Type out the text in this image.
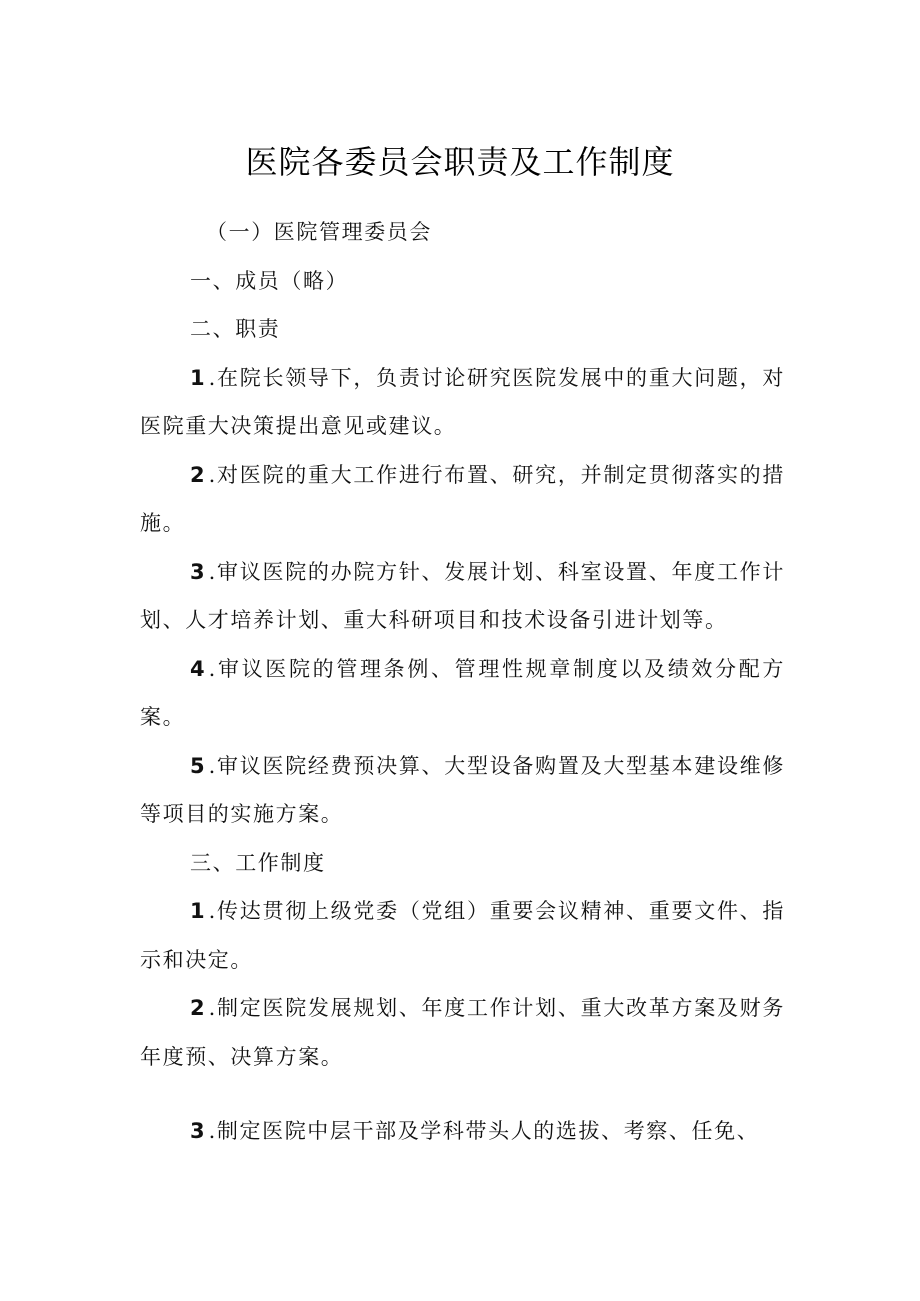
医院各委员会职责及工作制度

（一）医院管理委员会

一、成员（略）

二、职责

1.在院长领导下，负责讨论研究医院发展中的重大问题，对医院重大决策提出意见或建议。

2.对医院的重大工作进行布置、研究，并制定贯彻落实的措施。

3.审议医院的办院方针、发展计划、科室设置、年度工作计划、人才培养计划、重大科研项目和技术设备引进计划等。

4.审议医院的管理条例、管理性规章制度以及绩效分配方案。

5.审议医院经费预决算、大型设备购置及大型基本建设维修等项目的实施方案。

三、工作制度

1.传达贯彻上级党委（党组）重要会议精神、重要文件、指示和决定。

2.制定医院发展规划、年度工作计划、重大改革方案及财务年度预、决算方案。

3.制定医院中层干部及学科带头人的选拔、考察、任免、
